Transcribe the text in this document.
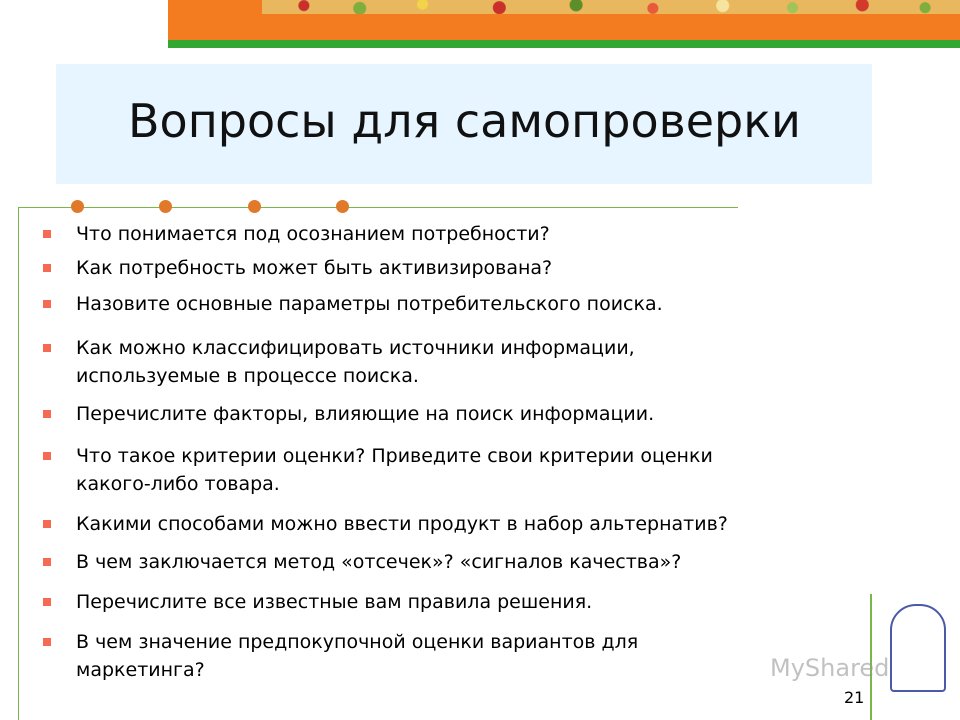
Вопросы для самопроверки
Что понимается под осознанием потребности?
Как потребность может быть активизирована?
Назовите основные параметры потребительского поиска.
Как можно классифицировать источники информации,
используемые в процессе поиска.
Перечислите факторы, влияющие на поиск информации.
Что такое критерии оценки? Приведите свои критерии оценки
какого-либо товара.
Какими способами можно ввести продукт в набор альтернатив?
В чем заключается метод «отсечек»? «сигналов качества»?
Перечислите все известные вам правила решения.
В чем значение предпокупочной оценки вариантов для
маркетинга?	MyShared
21
